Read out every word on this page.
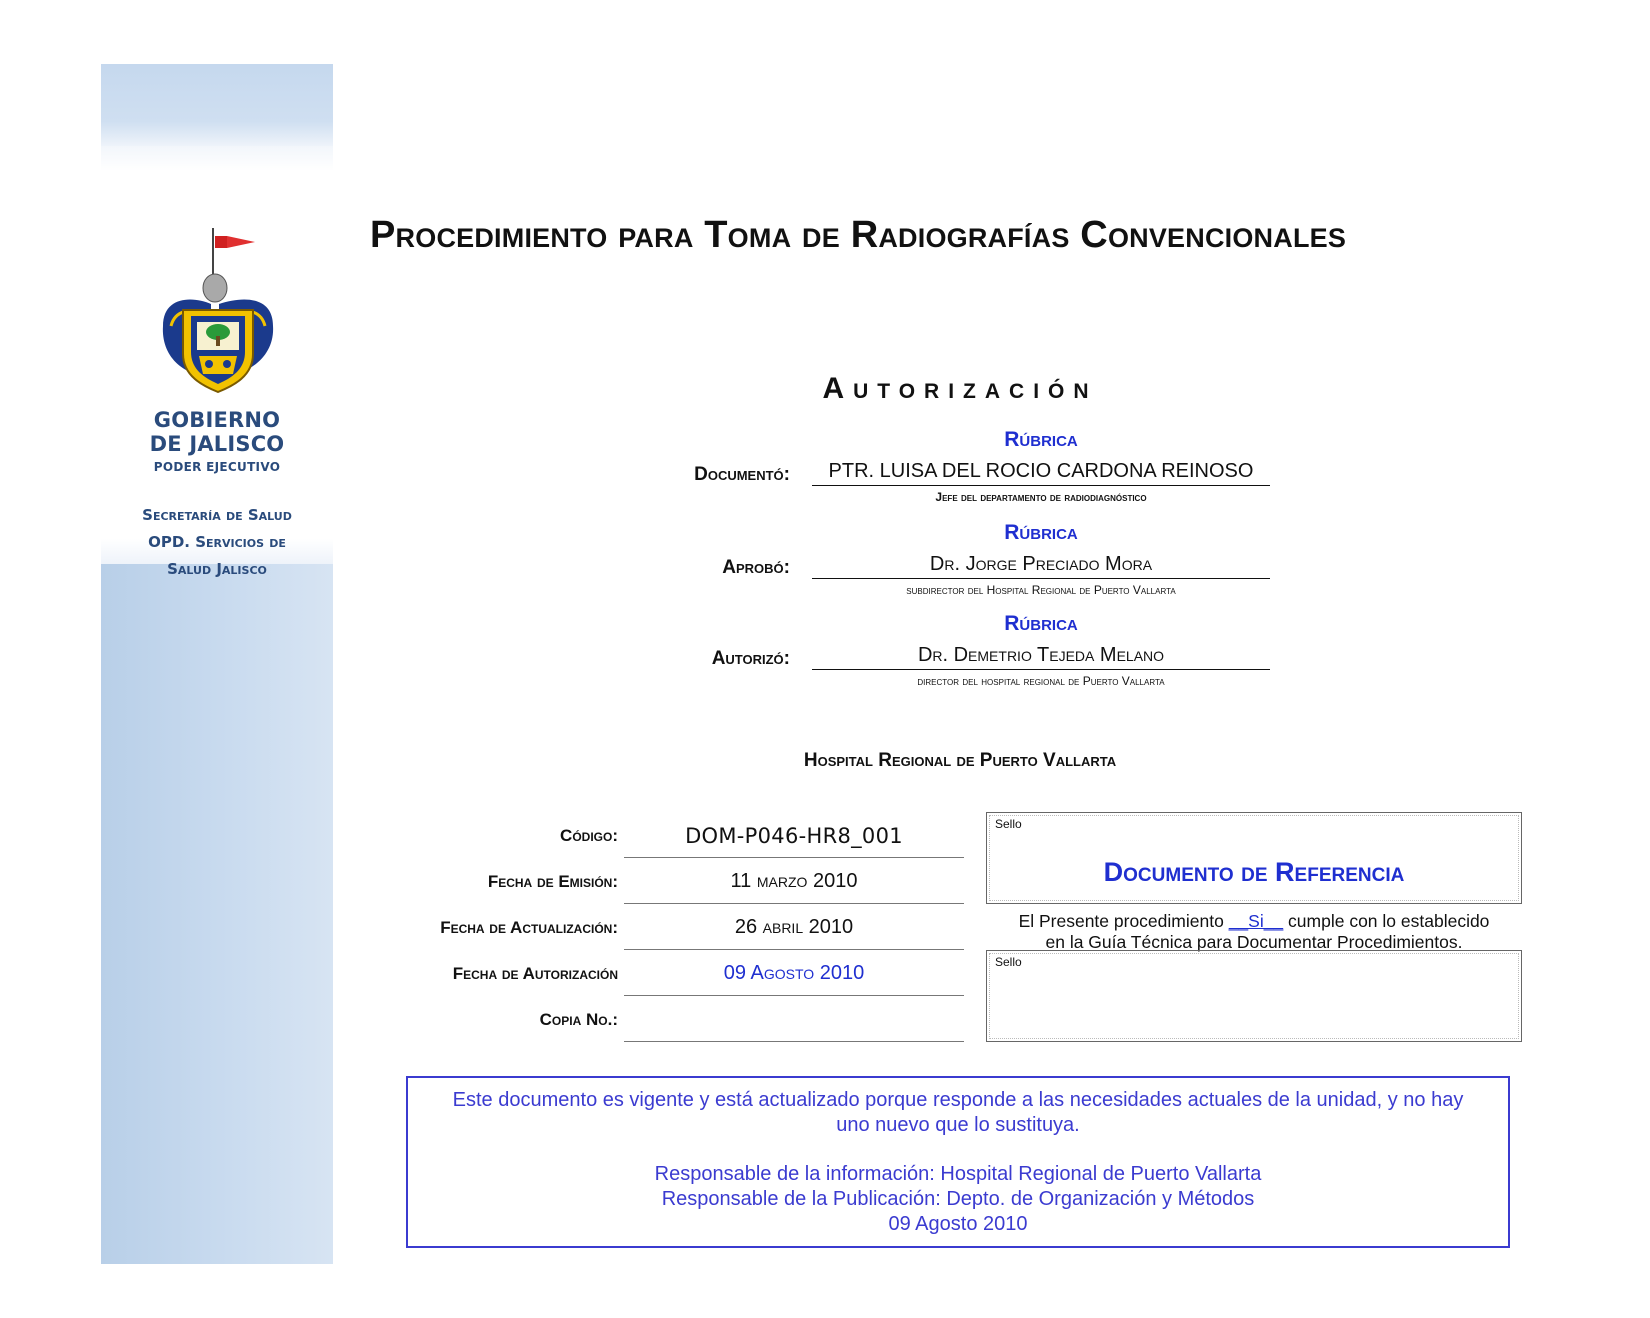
GOBIERNO
DE JALISCO
PODER EJECUTIVO
Secretaría de Salud
OPD. Servicios de
Salud Jalisco
Procedimiento para Toma de Radiografías Convencionales
Autorización
Rúbrica
Documentó:	PTR. LUISA DEL ROCIO CARDONA REINOSO
Jefe del departamento de radiodiagnóstico
Rúbrica
Aprobó:	Dr. Jorge Preciado Mora
subdirector del Hospital Regional de Puerto Vallarta
Rúbrica
Autorizó:	Dr. Demetrio Tejeda Melano
director del hospital regional de Puerto Vallarta
Hospital Regional de Puerto Vallarta
Código:	DOM-P046-HR8_001
Fecha de Emisión:	11 marzo 2010
Fecha de Actualización:	26 abril 2010
Fecha de Autorización	09 Agosto 2010
Copia No.:
Sello
Documento de Referencia
El Presente procedimiento __Si__ cumple con lo establecido
en la Guía Técnica para Documentar Procedimientos.
Sello

Este documento es vigente y está actualizado porque responde a las necesidades actuales de la unidad, y no hay uno nuevo que lo sustituya.

Responsable de la información: Hospital Regional de Puerto Vallarta

Responsable de la Publicación: Depto. de Organización y Métodos

09 Agosto 2010
